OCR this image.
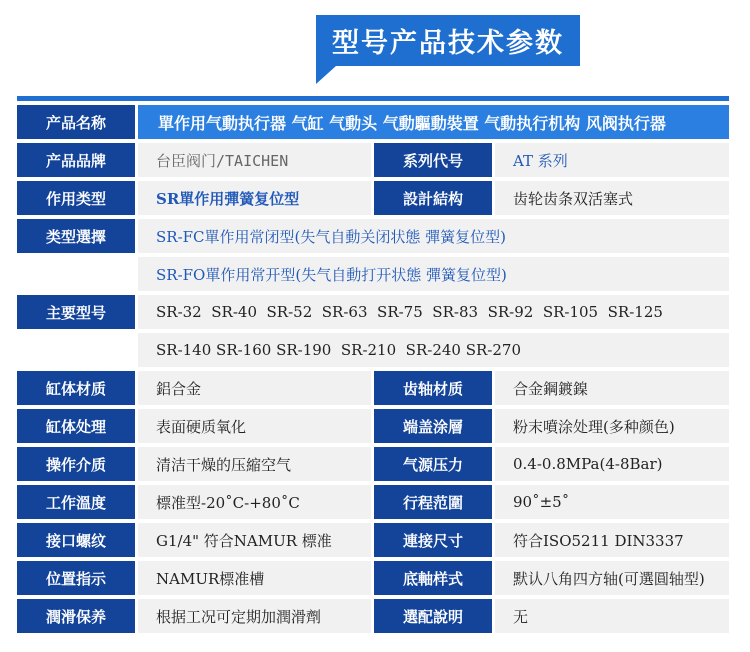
型号产品技术参数
产品名称	單作用气動执行器 气缸 气動头 气動驅動裝置 气動执行机构 风阀执行器
产品品牌	台臣阀门/TAICHEN	系列代号	AT 系列
作用类型	SR單作用彈簧复位型	設計結构	齿轮齿条双活塞式
类型選擇	SR-FC單作用常闭型(失气自動关闭状態 彈簧复位型)
SR-FO單作用常开型(失气自動打开状態 彈簧复位型)
主要型号	SR-32  SR-40  SR-52  SR-63  SR-75  SR-83  SR-92  SR-105  SR-125
SR-140 SR-160 SR-190  SR-210  SR-240 SR-270
缸体材质	鋁合金	齿轴材质	合金鋼鍍鎳
缸体处理	表面硬质氧化	端盖涂層	粉末噴涂处理(多种颜色)
操作介质	清洁干燥的压縮空气	气源压力	0.4-0.8MPa(4-8Bar)
工作溫度	標准型-20˚C-+80˚C	行程范圍	90˚±5˚
接口螺纹	G1/4" 符合NAMUR 標准	連接尺寸	符合ISO5211 DIN3337
位置指示	NAMUR標准槽	底軸样式	默认八角四方轴(可選圓轴型)
潤滑保养	根据工况可定期加潤滑劑	選配說明	无
